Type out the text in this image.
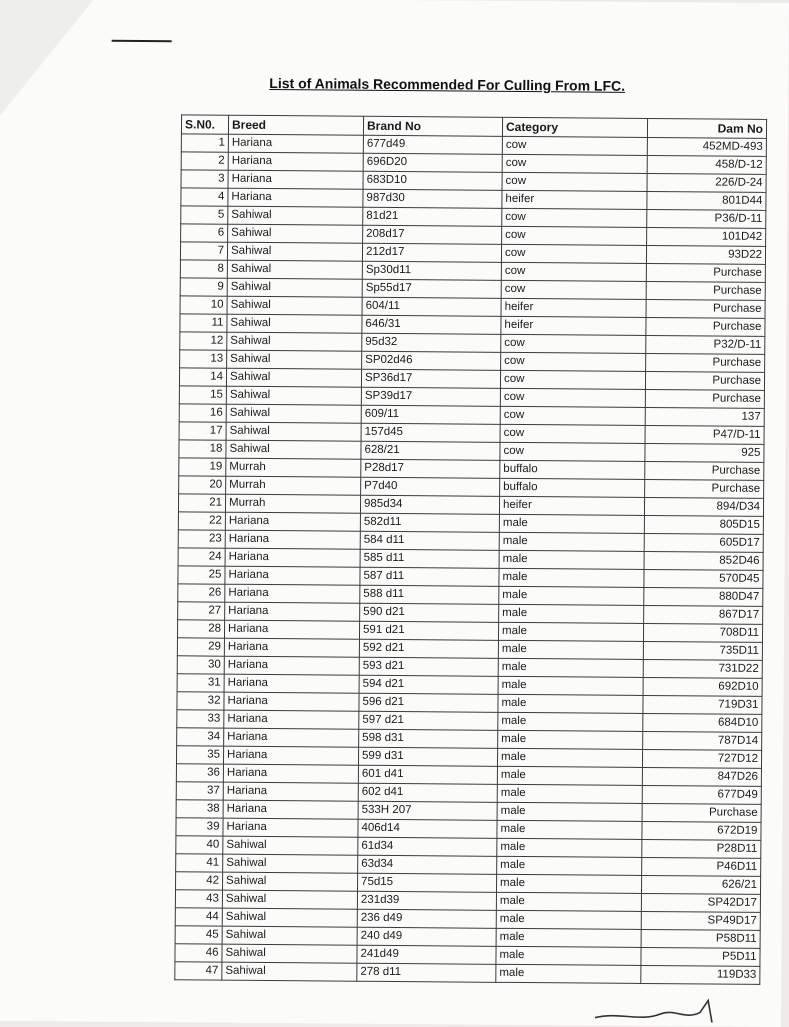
List of Animals Recommended For Culling From LFC.
S.N0.	Breed	Brand No	Category	Dam No
1	Hariana	677d49	cow	452MD-493
2	Hariana	696D20	cow	458/D-12
3	Hariana	683D10	cow	226/D-24
4	Hariana	987d30	heifer	801D44
5	Sahiwal	81d21	cow	P36/D-11
6	Sahiwal	208d17	cow	101D42
7	Sahiwal	212d17	cow	93D22
8	Sahiwal	Sp30d11	cow	Purchase
9	Sahiwal	Sp55d17	cow	Purchase
10	Sahiwal	604/11	heifer	Purchase
11	Sahiwal	646/31	heifer	Purchase
12	Sahiwal	95d32	cow	P32/D-11
13	Sahiwal	SP02d46	cow	Purchase
14	Sahiwal	SP36d17	cow	Purchase
15	Sahiwal	SP39d17	cow	Purchase
16	Sahiwal	609/11	cow	137
17	Sahiwal	157d45	cow	P47/D-11
18	Sahiwal	628/21	cow	925
19	Murrah	P28d17	buffalo	Purchase
20	Murrah	P7d40	buffalo	Purchase
21	Murrah	985d34	heifer	894/D34
22	Hariana	582d11	male	805D15
23	Hariana	584 d11	male	605D17
24	Hariana	585 d11	male	852D46
25	Hariana	587 d11	male	570D45
26	Hariana	588 d11	male	880D47
27	Hariana	590 d21	male	867D17
28	Hariana	591 d21	male	708D11
29	Hariana	592 d21	male	735D11
30	Hariana	593 d21	male	731D22
31	Hariana	594 d21	male	692D10
32	Hariana	596 d21	male	719D31
33	Hariana	597 d21	male	684D10
34	Hariana	598 d31	male	787D14
35	Hariana	599 d31	male	727D12
36	Hariana	601 d41	male	847D26
37	Hariana	602 d41	male	677D49
38	Hariana	533H 207	male	Purchase
39	Hariana	406d14	male	672D19
40	Sahiwal	61d34	male	P28D11
41	Sahiwal	63d34	male	P46D11
42	Sahiwal	75d15	male	626/21
43	Sahiwal	231d39	male	SP42D17
44	Sahiwal	236 d49	male	SP49D17
45	Sahiwal	240 d49	male	P58D11
46	Sahiwal	241d49	male	P5D11
47	Sahiwal	278 d11	male	119D33
